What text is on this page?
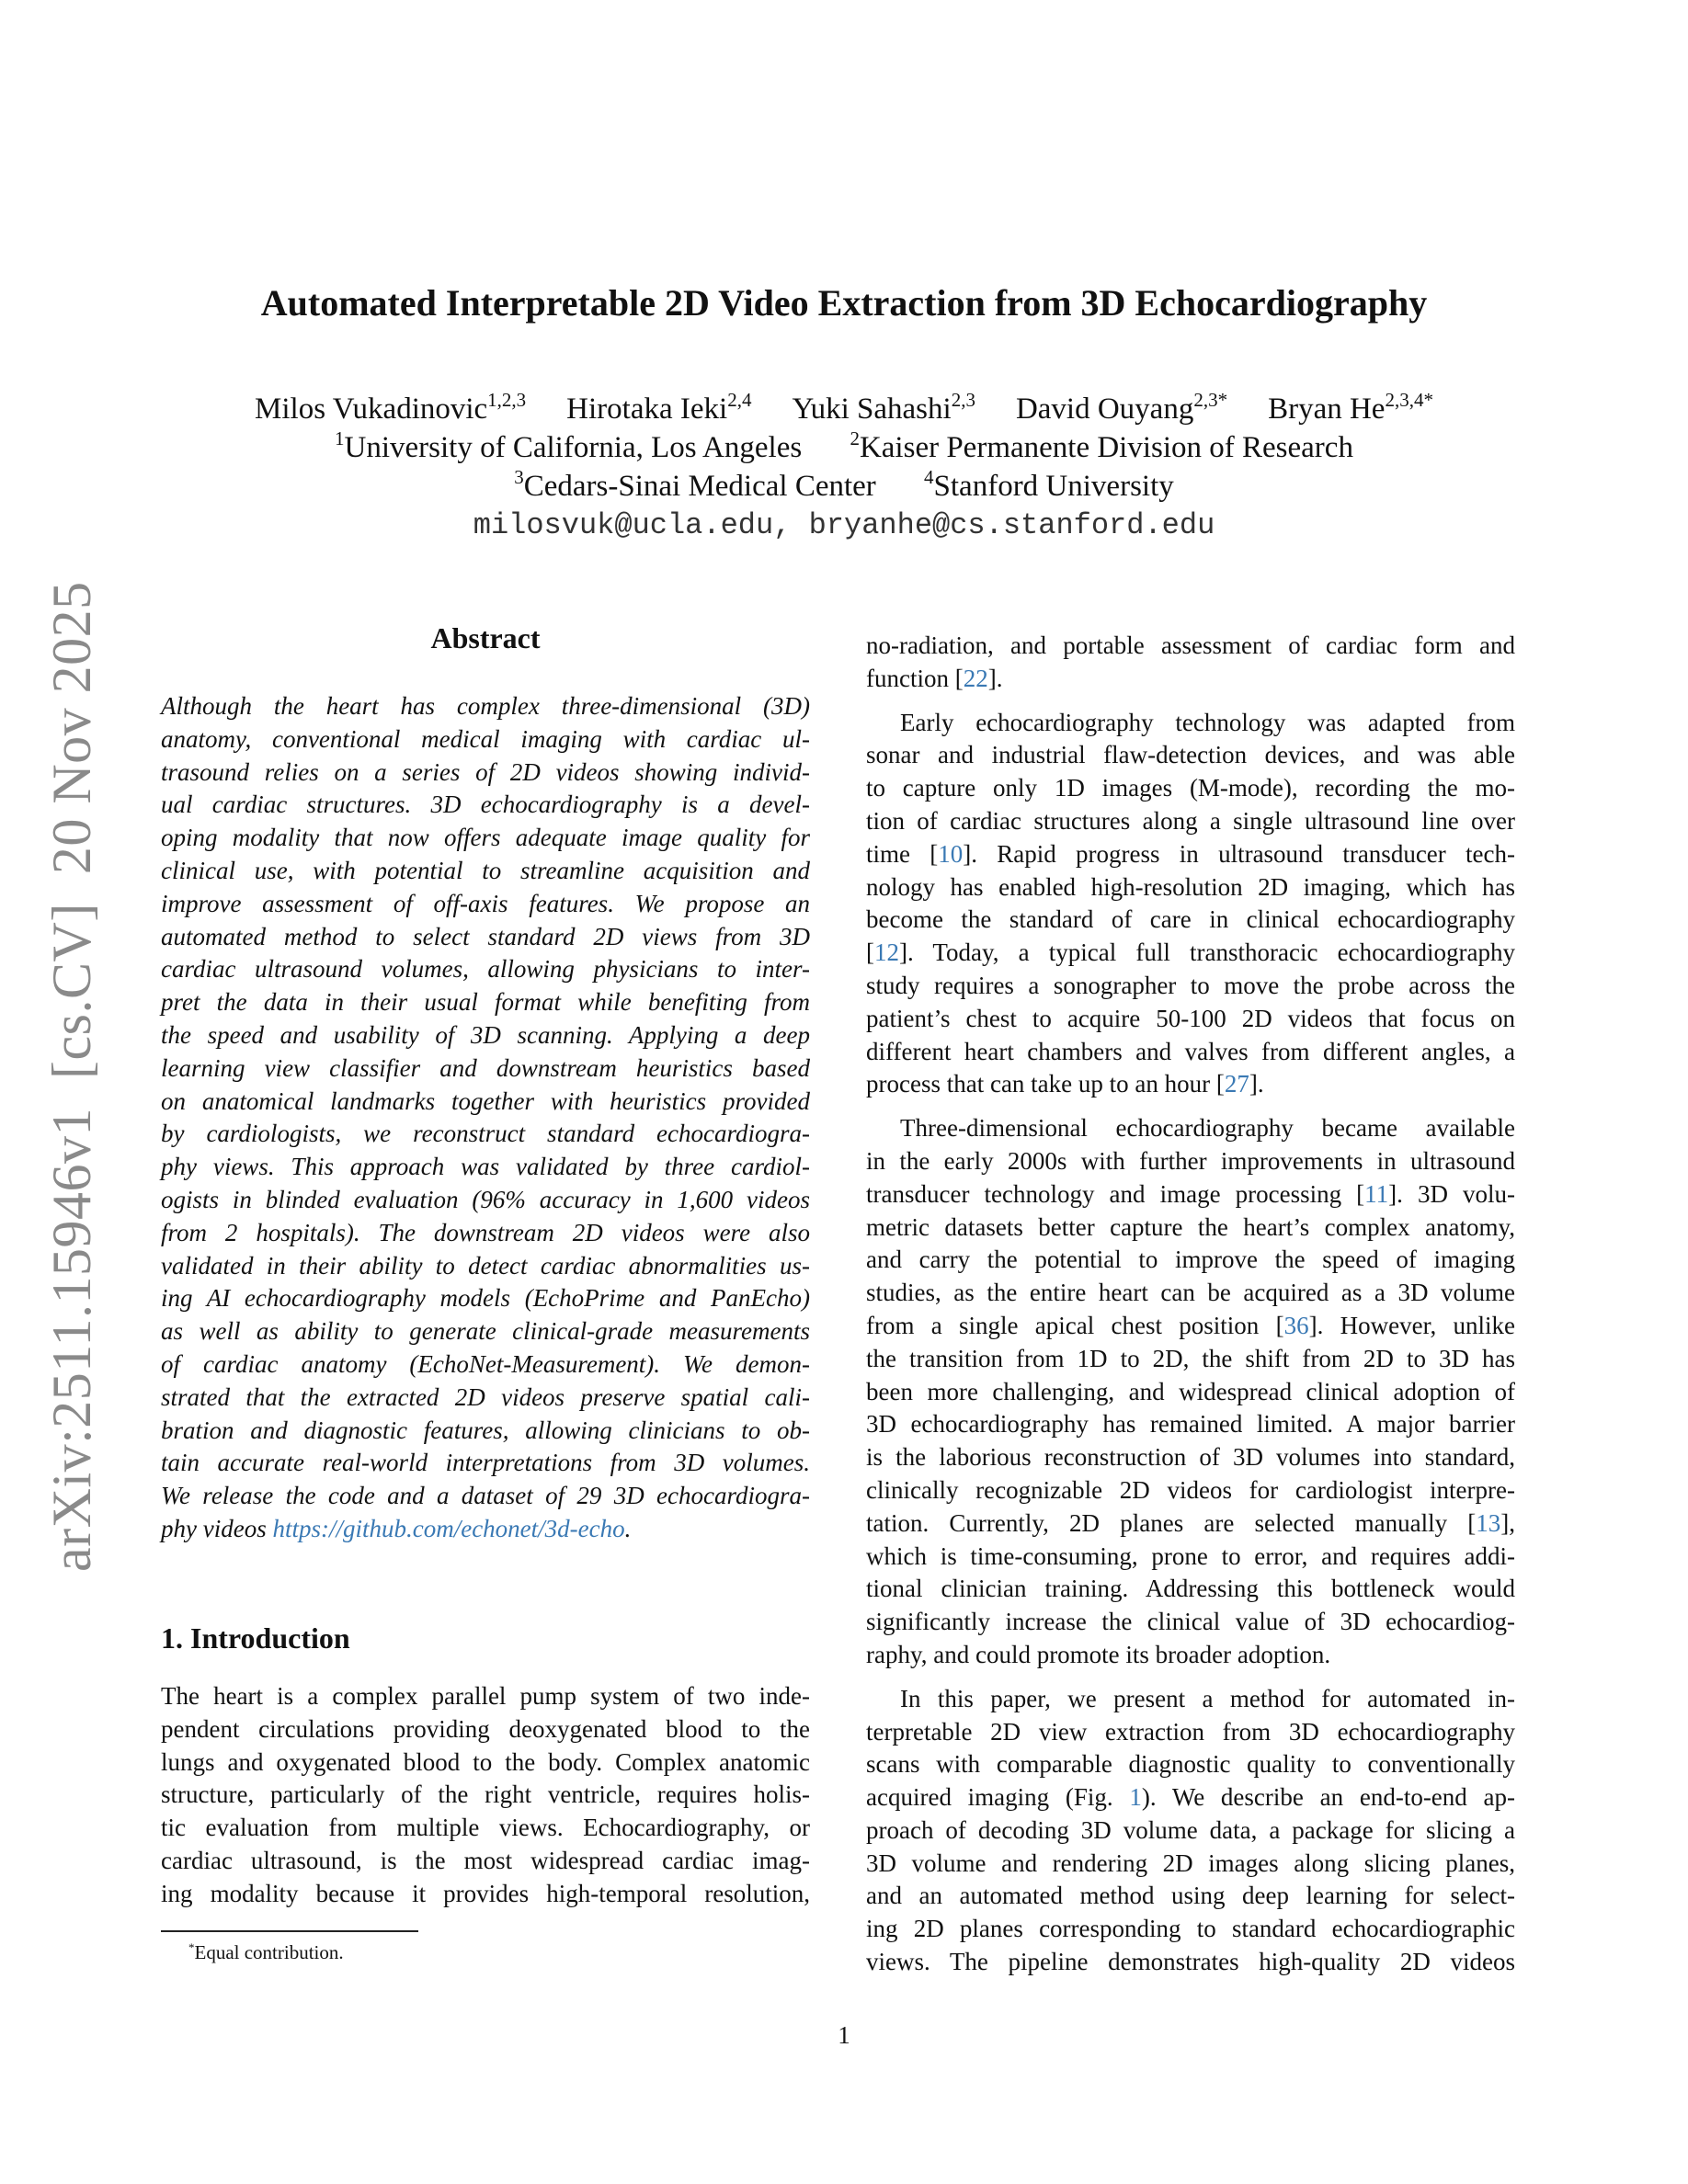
arXiv:2511.15946v1  [cs.CV]  20 Nov 2025
Automated Interpretable 2D Video Extraction from 3D Echocardiography
Milos Vukadinovic$^{1,2,3}$ Hirotaka Ieki$^{2,4}$ Yuki Sahashi$^{2,3}$ David Ouyang$^{2,3*}$ Bryan $He^{2,3,4*}$
$^1$University of California, Los Angeles $^2$Kaiser Permanente Division of Research
$^3$Cedars-Sinai Medical Center $^4$Stanford University
milosvuk@ucla.edu, bryanhe@cs.stanford.edu
Abstract
Although the heart has complex three-dimensional (3D)
anatomy, conventional medical imaging with cardiac ul-
trasound relies on a series of 2D videos showing individ-
ual cardiac structures. 3D echocardiography is a devel-
oping modality that now offers adequate image quality for
clinical use, with potential to streamline acquisition and
improve assessment of off-axis features. We propose an
automated method to select standard 2D views from 3D
cardiac ultrasound volumes, allowing physicians to inter-
pret the data in their usual format while benefiting from
the speed and usability of 3D scanning. Applying a deep
learning view classifier and downstream heuristics based
on anatomical landmarks together with heuristics provided
by cardiologists, we reconstruct standard echocardiogra-
phy views. This approach was validated by three cardiol-
ogists in blinded evaluation (96% accuracy in 1,600 videos
from 2 hospitals). The downstream 2D videos were also
validated in their ability to detect cardiac abnormalities us-
ing AI echocardiography models (EchoPrime and PanEcho)
as well as ability to generate clinical-grade measurements
of cardiac anatomy (EchoNet-Measurement). We demon-
strated that the extracted 2D videos preserve spatial cali-
bration and diagnostic features, allowing clinicians to ob-
tain accurate real-world interpretations from 3D volumes.
We release the code and a dataset of 29 3D echocardiogra-
phy videos https://github.com/echonet/3d-echo.
1. Introduction
The heart is a complex parallel pump system of two inde-
pendent circulations providing deoxygenated blood to the
lungs and oxygenated blood to the body. Complex anatomic
structure, particularly of the right ventricle, requires holis-
tic evaluation from multiple views. Echocardiography, or
cardiac ultrasound, is the most widespread cardiac imag-
ing modality because it provides high-temporal resolution,
no-radiation, and portable assessment of cardiac form and
function [22].
Early echocardiography technology was adapted from
sonar and industrial flaw-detection devices, and was able
to capture only 1D images (M-mode), recording the mo-
tion of cardiac structures along a single ultrasound line over
time [10]. Rapid progress in ultrasound transducer tech-
nology has enabled high-resolution 2D imaging, which has
become the standard of care in clinical echocardiography
[12]. Today, a typical full transthoracic echocardiography
study requires a sonographer to move the probe across the
patient’s chest to acquire 50-100 2D videos that focus on
different heart chambers and valves from different angles, a
process that can take up to an hour [27].
Three-dimensional echocardiography became available
in the early 2000s with further improvements in ultrasound
transducer technology and image processing [11]. 3D volu-
metric datasets better capture the heart’s complex anatomy,
and carry the potential to improve the speed of imaging
studies, as the entire heart can be acquired as a 3D volume
from a single apical chest position [36]. However, unlike
the transition from 1D to 2D, the shift from 2D to 3D has
been more challenging, and widespread clinical adoption of
3D echocardiography has remained limited. A major barrier
is the laborious reconstruction of 3D volumes into standard,
clinically recognizable 2D videos for cardiologist interpre-
tation. Currently, 2D planes are selected manually [13],
which is time-consuming, prone to error, and requires addi-
tional clinician training. Addressing this bottleneck would
significantly increase the clinical value of 3D echocardiog-
raphy, and could promote its broader adoption.
In this paper, we present a method for automated in-
terpretable 2D view extraction from 3D echocardiography
scans with comparable diagnostic quality to conventionally
acquired imaging (Fig. 1). We describe an end-to-end ap-
proach of decoding 3D volume data, a package for slicing a
3D volume and rendering 2D images along slicing planes,
and an automated method using deep learning for select-
ing 2D planes corresponding to standard echocardiographic
views. The pipeline demonstrates high-quality 2D videos
*Equal contribution.
1
